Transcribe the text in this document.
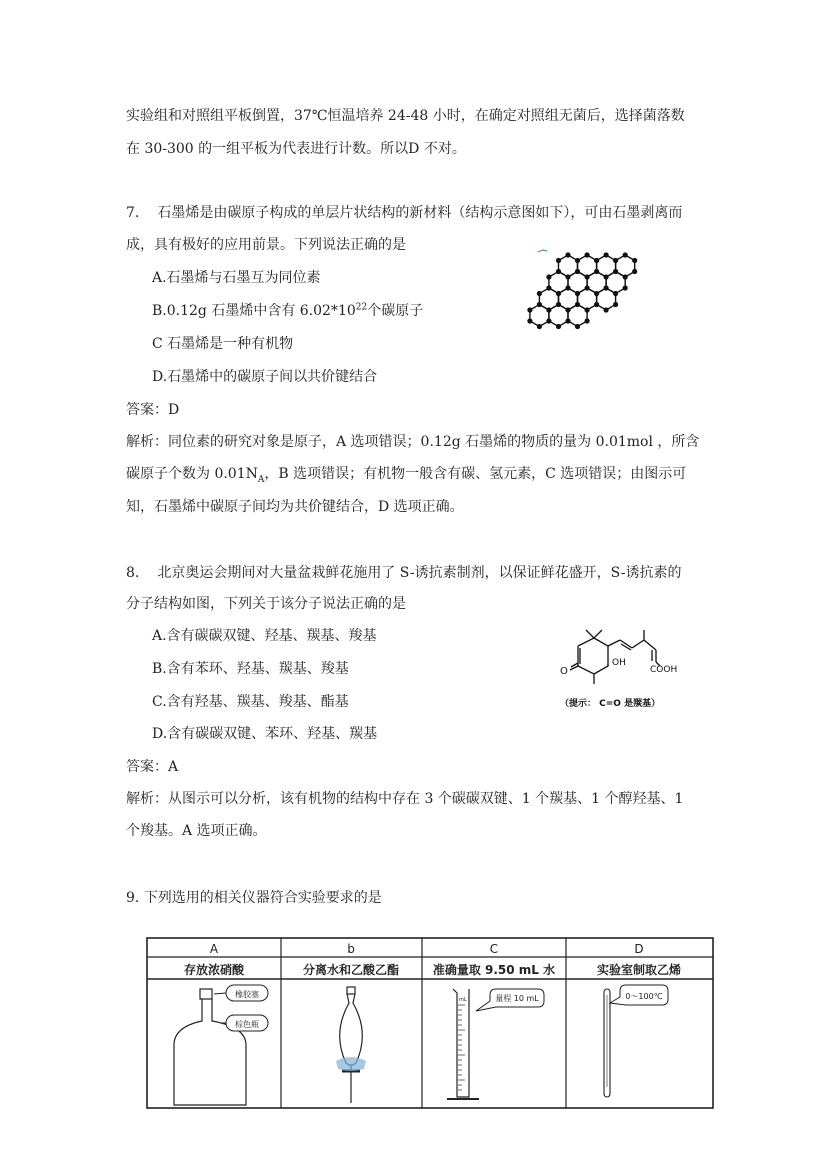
实验组和对照组平板倒置，37℃恒温培养 24-48 小时，在确定对照组无菌后，选择菌落数
在 30-300 的一组平板为代表进行计数。所以D 不对。
7. 石墨烯是由碳原子构成的单层片状结构的新材料（结构示意图如下），可由石墨剥离而
成，具有极好的应用前景。下列说法正确的是
A.石墨烯与石墨互为同位素
B.0.12g 石墨烯中含有 $6.02*10^{22}$个碳原子
C 石墨烯是一种有机物
D.石墨烯中的碳原子间以共价键结合
答案：D
解析：同位素的研究对象是原子，A 选项错误；0.12g 石墨烯的物质的量为 0.01mol ，所含
碳原子个数为 $0.01N_A$，B 选项错误；有机物一般含有碳、氢元素，C 选项错误；由图示可
知，石墨烯中碳原子间均为共价键结合，D 选项正确。
8. 北京奥运会期间对大量盆栽鲜花施用了 S-诱抗素制剂，以保证鲜花盛开，S-诱抗素的
分子结构如图，下列关于该分子说法正确的是
A.含有碳碳双键、羟基、羰基、羧基
B.含有苯环、羟基、羰基、羧基
C.含有羟基、羰基、羧基、酯基
D.含有碳碳双键、苯环、羟基、羰基
答案：A
解析：从图示可以分析，该有机物的结构中存在 3 个碳碳双键、1 个羰基、1 个醇羟基、1
个羧基。A 选项正确。
OH
O	COOH
（提示： C=O 是羰基）
9. 下列选用的相关仪器符合实验要求的是
A	b	C	D
存放浓硝酸	分离水和乙酸乙酯	准确量取 9.50 mL 水	实验室制取乙烯
橡胶塞
棕色瓶
mL	量程 10 mL	0～100℃
